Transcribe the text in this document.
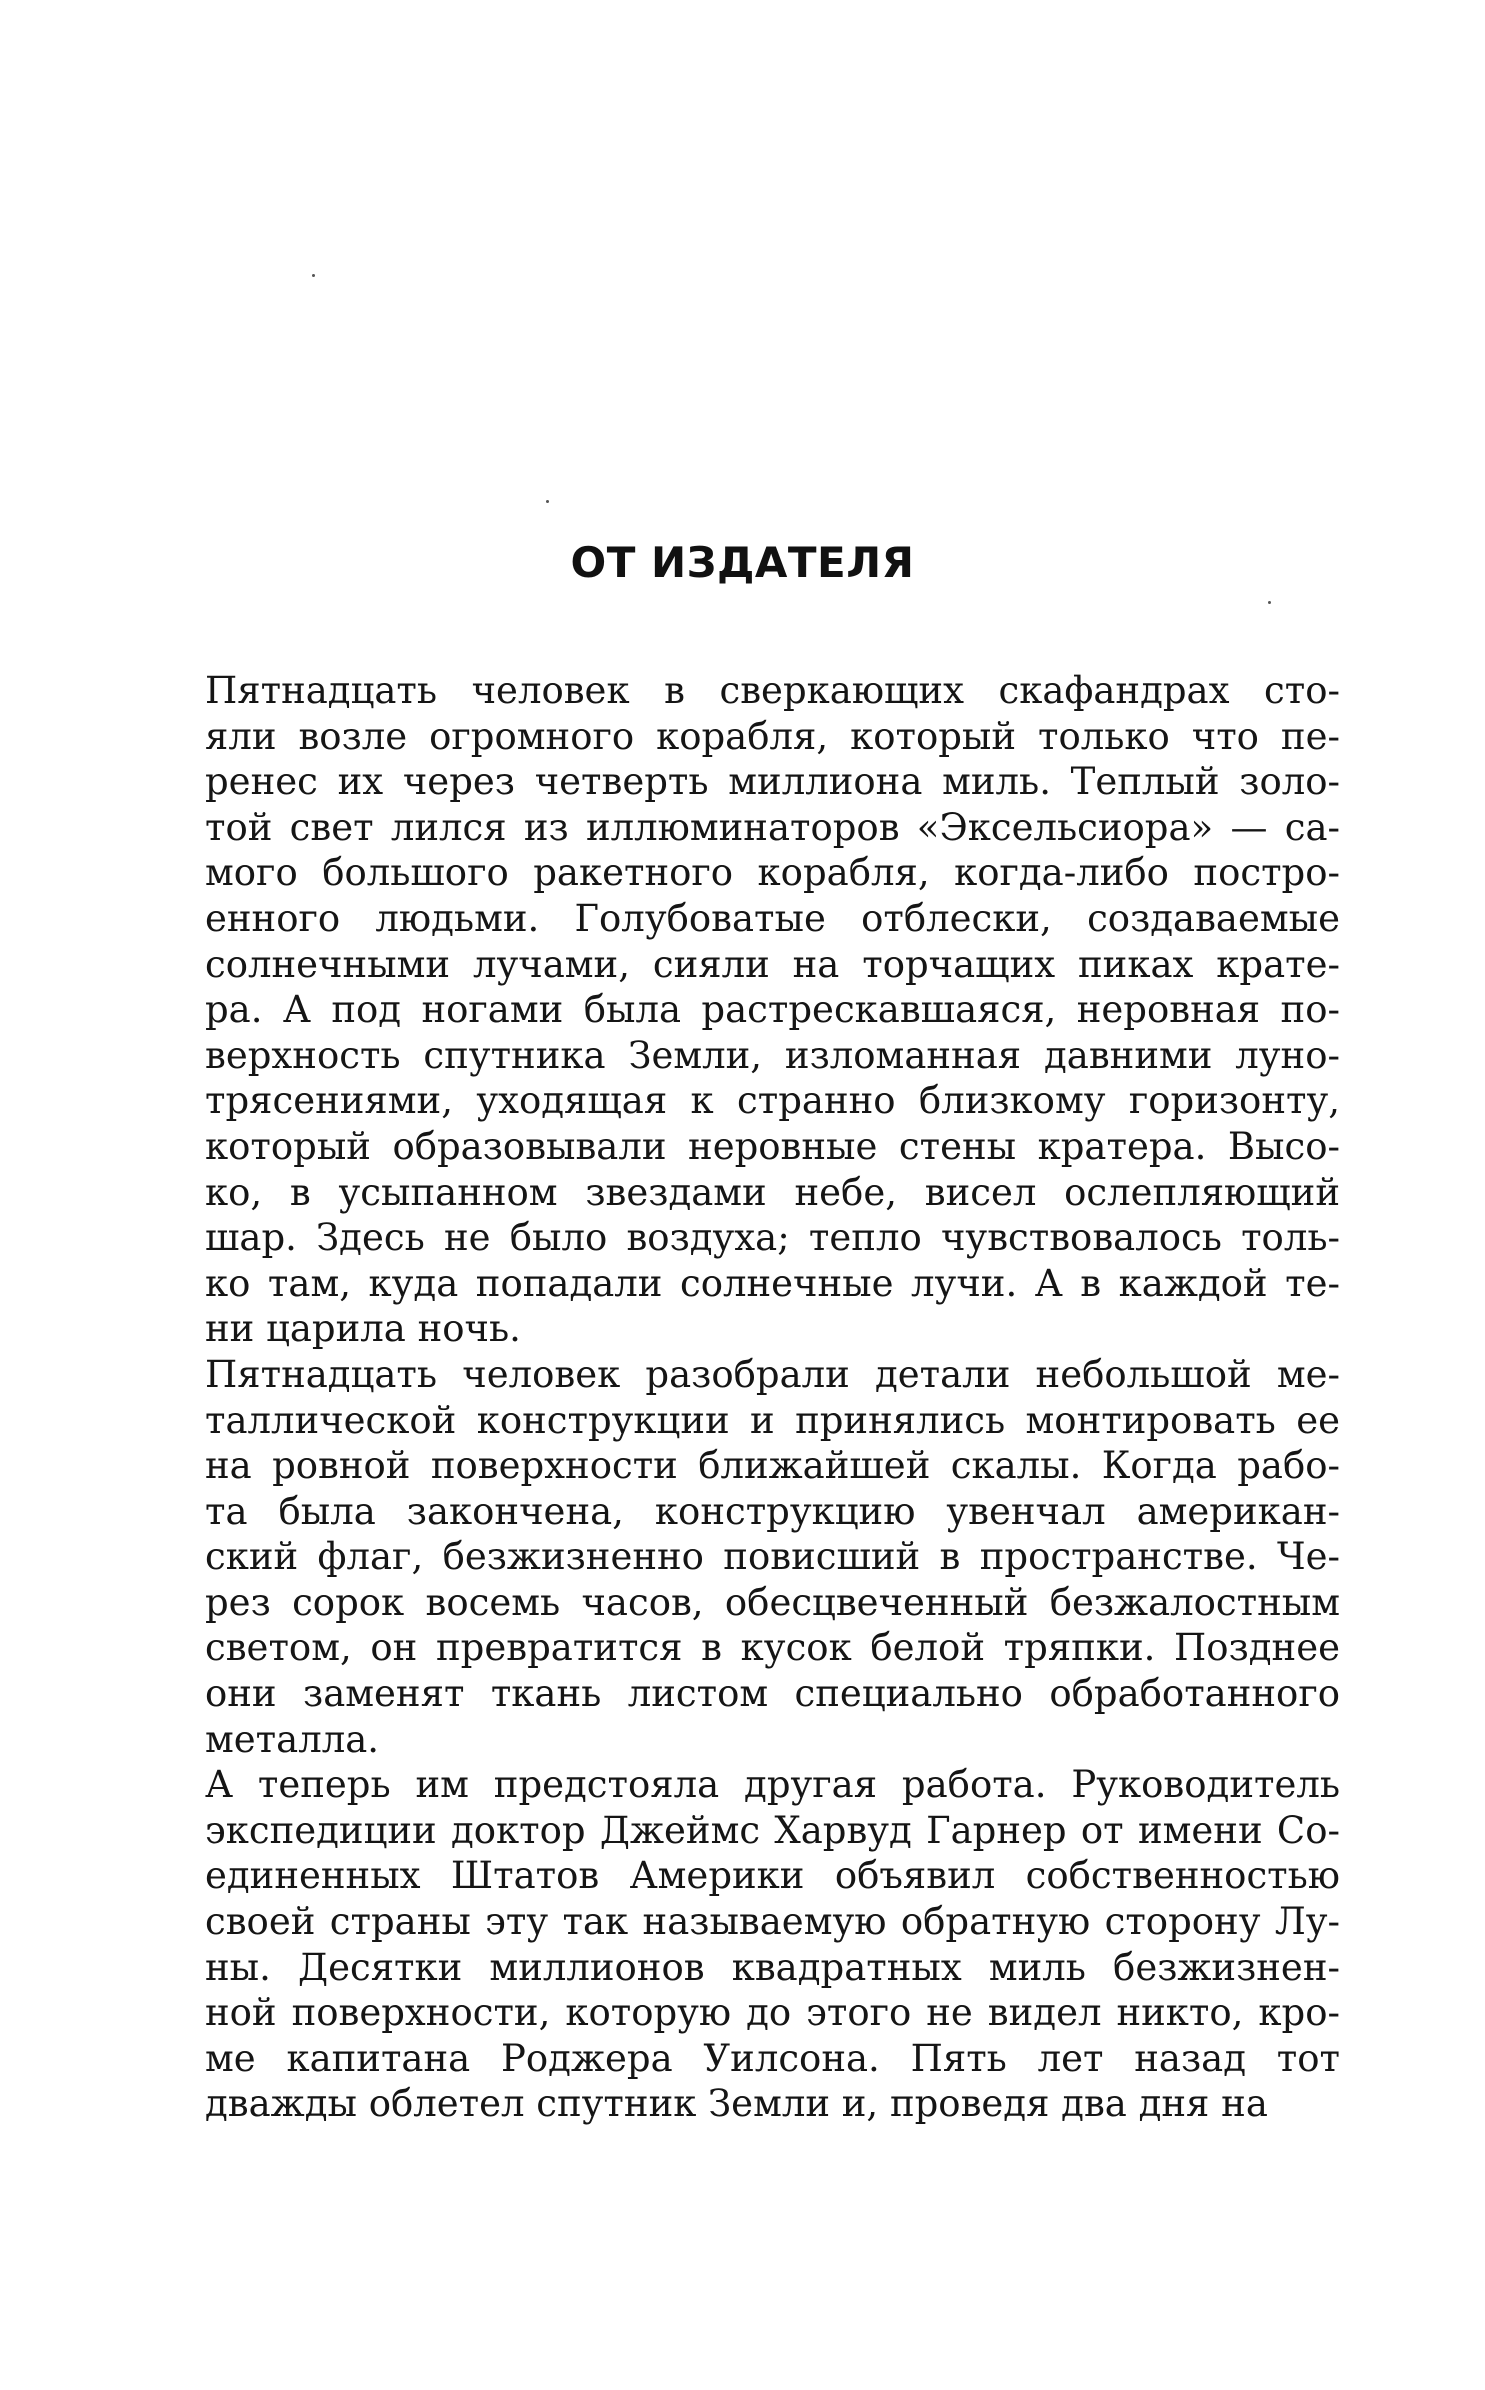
ОТ ИЗДАТЕЛЯ
Пятнадцать человек в сверкающих скафандрах сто-
яли возле огромного корабля, который только что пе-
ренес их через четверть миллиона миль. Теплый золо-
той свет лился из иллюминаторов «Эксельсиора» — са-
мого большого ракетного корабля, когда-либо постро-
енного людьми. Голубоватые отблески, создаваемые
солнечными лучами, сияли на торчащих пиках крате-
ра. А под ногами была растрескавшаяся, неровная по-
верхность спутника Земли, изломанная давними луно-
трясениями, уходящая к странно близкому горизонту,
который образовывали неровные стены кратера. Высо-
ко, в усыпанном звездами небе, висел ослепляющий
шар. Здесь не было воздуха; тепло чувствовалось толь-
ко там, куда попадали солнечные лучи. А в каждой те-
ни царила ночь.
Пятнадцать человек разобрали детали небольшой ме-
таллической конструкции и принялись монтировать ее
на ровной поверхности ближайшей скалы. Когда рабо-
та была закончена, конструкцию увенчал американ-
ский флаг, безжизненно повисший в пространстве. Че-
рез сорок восемь часов, обесцвеченный безжалостным
светом, он превратится в кусок белой тряпки. Позднее
они заменят ткань листом специально обработанного
металла.
А теперь им предстояла другая работа. Руководитель
экспедиции доктор Джеймс Харвуд Гарнер от имени Со-
единенных Штатов Америки объявил собственностью
своей страны эту так называемую обратную сторону Лу-
ны. Десятки миллионов квадратных миль безжизнен-
ной поверхности, которую до этого не видел никто, кро-
ме капитана Роджера Уилсона. Пять лет назад тот
дважды облетел спутник Земли и, проведя два дня на
